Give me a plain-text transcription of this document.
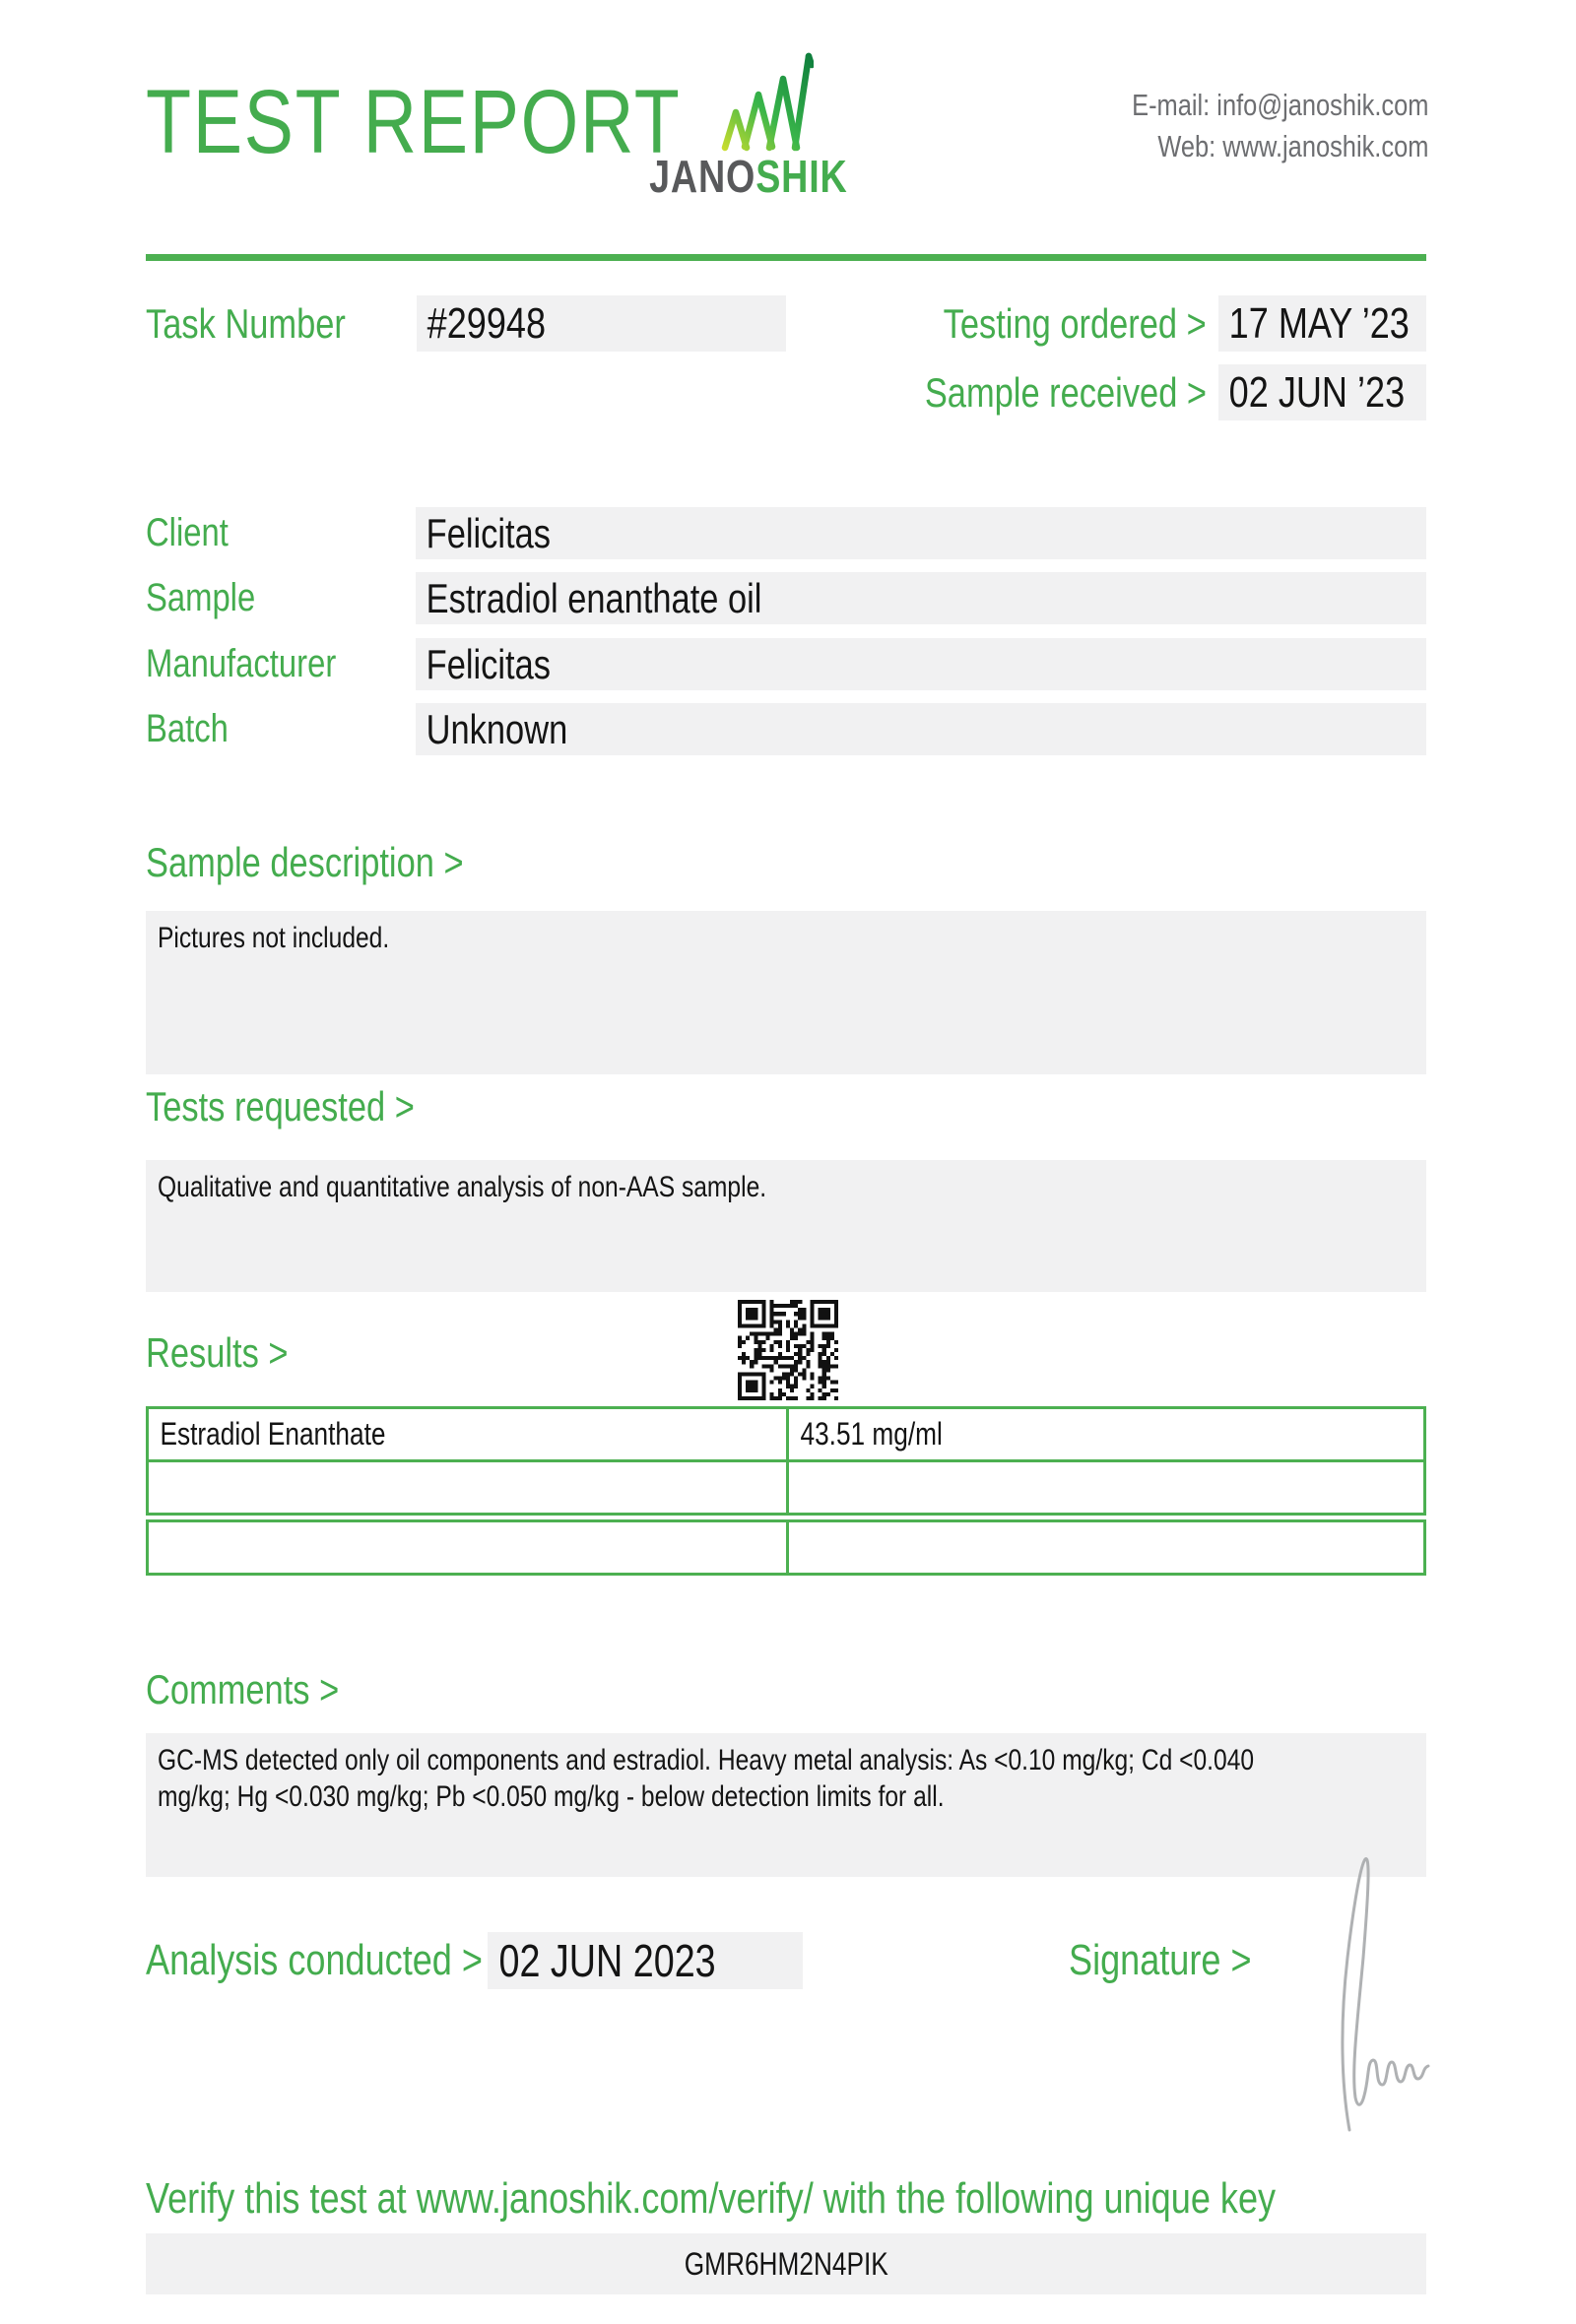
TEST REPORT
JANOSHIK
E-mail: info@janoshik.com
Web: www.janoshik.com
Task Number	#29948	Testing ordered > 17 MAY ’23
Sample received > 02 JUN ’23
Client	Felicitas
Sample	Estradiol enanthate oil
Manufacturer	Felicitas
Batch	Unknown
Sample description >
Pictures not included.
Tests requested >
Qualitative and quantitative analysis of non-AAS sample.
Results >
Estradiol Enanthate	43.51 mg/ml
Comments >
GC-MS detected only oil components and estradiol. Heavy metal analysis: As <0.10 mg/kg; Cd <0.040 mg/kg; Hg <0.030 mg/kg; Pb <0.050 mg/kg - below detection limits for all.
Analysis conducted > 02 JUN 2023	Signature >
Verify this test at www.janoshik.com/verify/ with the following unique key
GMR6HM2N4PIK
